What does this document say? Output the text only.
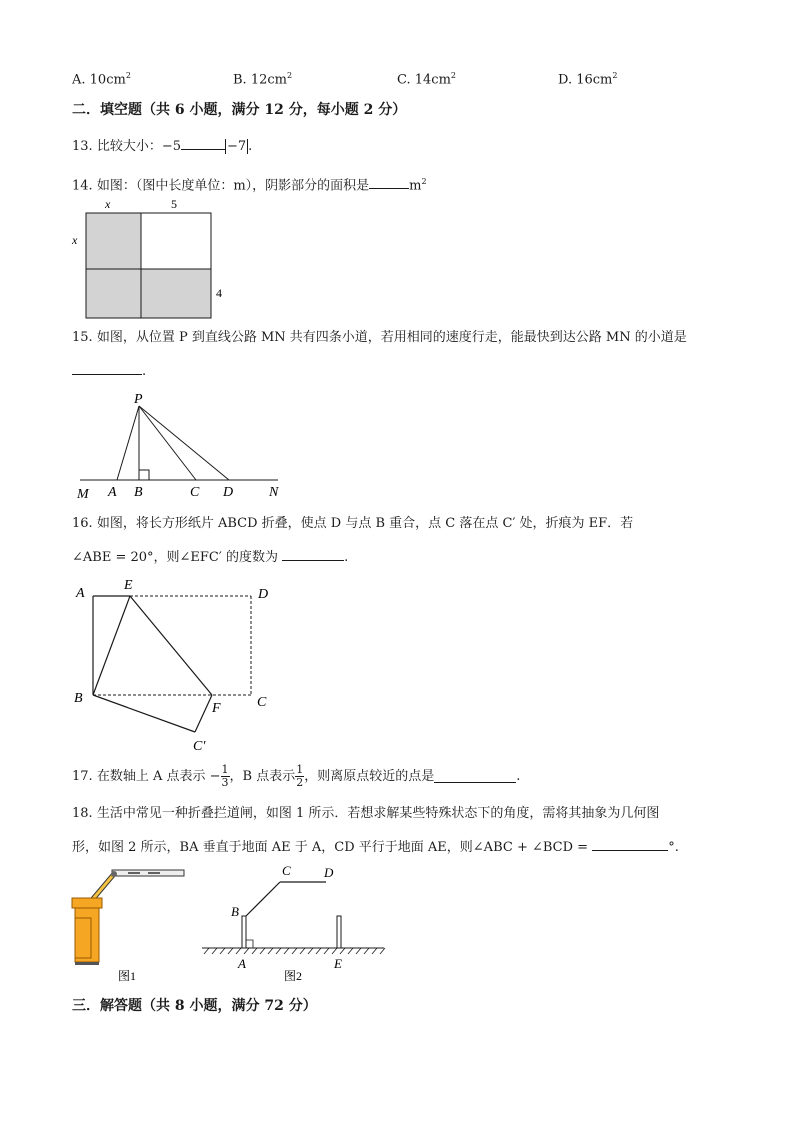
A. $10cm^2$	B. $12cm^2$	C. $14cm^2$	D. $16cm^2$
二．填空题（共 6 小题，满分 12 分，每小题 2 分）
13. 比较大小：−5	−7 .
14. 如图：（图中长度单位：m），阴影部分的面积是	$m^2$
x	5
x
4
15. 如图，从位置 P 到直线公路 MN 共有四条小道，若用相同的速度行走，能最快到达公路 MN 的小道是
.
P
M A B	C D	N
16. 如图，将长方形纸片 ABCD 折叠，使点 D 与点 B 重合，点 C 落在点 C′ 处，折痕为 EF．若
∠ABE = 20°，则∠EFC′ 的度数为	.
A
E
D
B
F	C
C′
17.
在数轴上 A 点表示 − $\frac{1}{3}$ ，B 点表示 $\frac{1}{2}$ ，则离原点较近的点是	.
18. 生活中常见一种折叠拦道闸，如图 1 所示．若想求解某些特殊状态下的角度，需将其抽象为几何图
形，如图 2 所示，BA 垂直于地面 AE 于 A，CD 平行于地面 AE，则∠ABC + ∠BCD =	°.
图1
B
C	D
A	E
图2
三．解答题（共 8 小题，满分 72 分）
